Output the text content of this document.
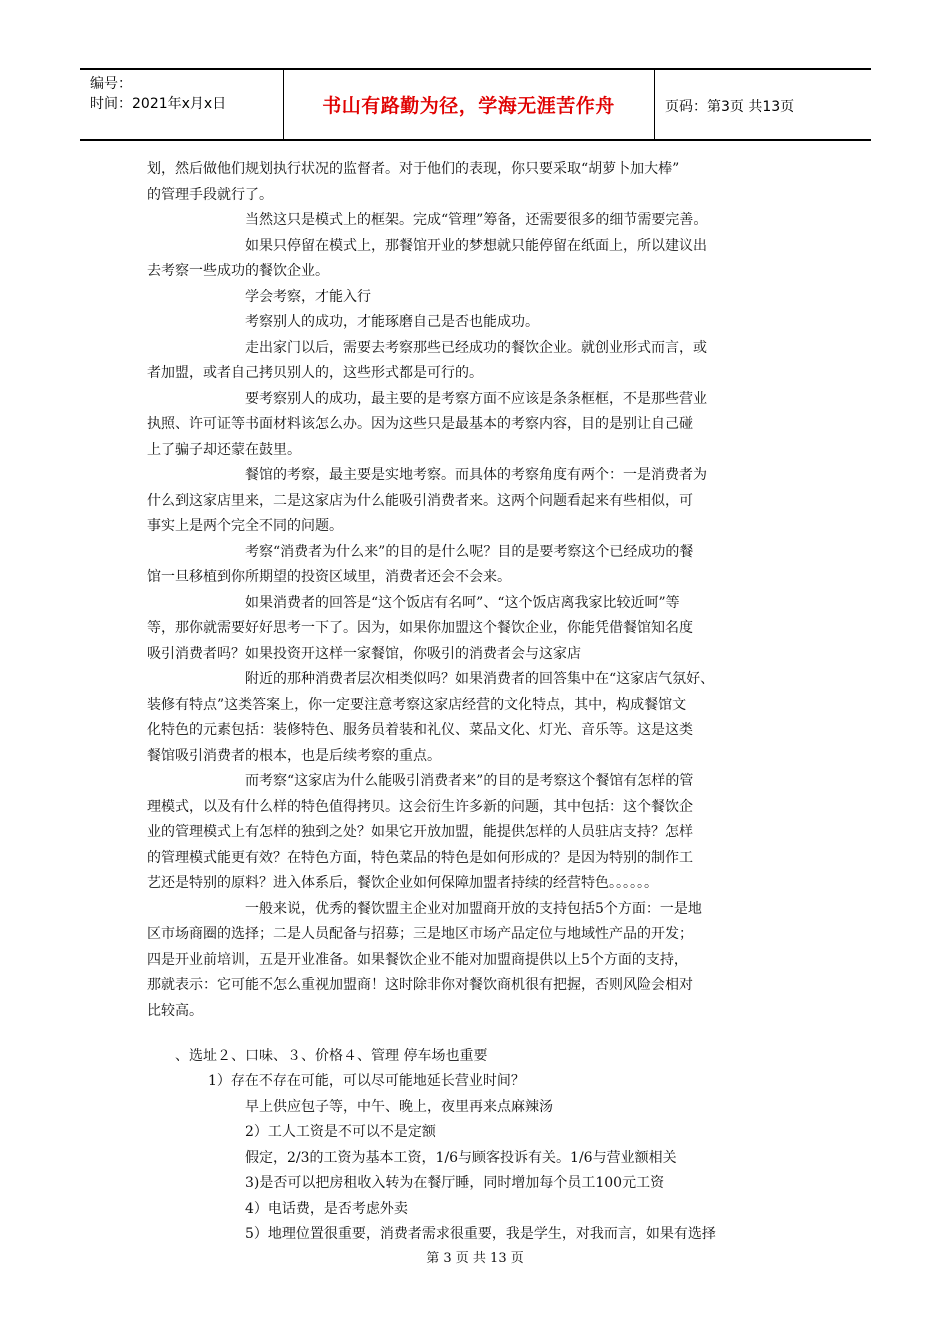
编号：
时间：2021年x月x日	书山有路勤为径，学海无涯苦作舟	页码：第3页 共13页
划，然后做他们规划执行状况的监督者。对于他们的表现，你只要采取“胡萝卜加大棒”
的管理手段就行了。
当然这只是模式上的框架。完成“管理”筹备，还需要很多的细节需要完善。
如果只停留在模式上，那餐馆开业的梦想就只能停留在纸面上，所以建议出
去考察一些成功的餐饮企业。
学会考察，才能入行
考察别人的成功，才能琢磨自己是否也能成功。
走出家门以后，需要去考察那些已经成功的餐饮企业。就创业形式而言，或
者加盟，或者自己拷贝别人的，这些形式都是可行的。
要考察别人的成功，最主要的是考察方面不应该是条条框框，不是那些营业
执照、许可证等书面材料该怎么办。因为这些只是最基本的考察内容，目的是别让自己碰
上了骗子却还蒙在鼓里。
餐馆的考察，最主要是实地考察。而具体的考察角度有两个：一是消费者为
什么到这家店里来，二是这家店为什么能吸引消费者来。这两个问题看起来有些相似，可
事实上是两个完全不同的问题。
考察“消费者为什么来”的目的是什么呢？目的是要考察这个已经成功的餐
馆一旦移植到你所期望的投资区域里，消费者还会不会来。
如果消费者的回答是“这个饭店有名呵”、“这个饭店离我家比较近呵”等
等，那你就需要好好思考一下了。因为，如果你加盟这个餐饮企业，你能凭借餐馆知名度
吸引消费者吗？如果投资开这样一家餐馆，你吸引的消费者会与这家店
附近的那种消费者层次相类似吗？如果消费者的回答集中在“这家店气氛好、
装修有特点”这类答案上，你一定要注意考察这家店经营的文化特点，其中，构成餐馆文
化特色的元素包括：装修特色、服务员着装和礼仪、菜品文化、灯光、音乐等。这是这类
餐馆吸引消费者的根本，也是后续考察的重点。
而考察“这家店为什么能吸引消费者来”的目的是考察这个餐馆有怎样的管
理模式，以及有什么样的特色值得拷贝。这会衍生许多新的问题，其中包括：这个餐饮企
业的管理模式上有怎样的独到之处？如果它开放加盟，能提供怎样的人员驻店支持？怎样
的管理模式能更有效？在特色方面，特色菜品的特色是如何形成的？是因为特别的制作工
艺还是特别的原料？进入体系后，餐饮企业如何保障加盟者持续的经营特色。。。。。。
一般来说，优秀的餐饮盟主企业对加盟商开放的支持包括5个方面：一是地
区市场商圈的选择；二是人员配备与招募；三是地区市场产品定位与地域性产品的开发；
四是开业前培训，五是开业准备。如果餐饮企业不能对加盟商提供以上5个方面的支持，
那就表示：它可能不怎么重视加盟商！这时除非你对餐饮商机很有把握，否则风险会相对
比较高。
、选址２、口味、３、价格４、管理 停车场也重要
1）存在不存在可能，可以尽可能地延长营业时间？
早上供应包子等，中午、晚上，夜里再来点麻辣汤
2）工人工资是不可以不是定额
假定，2/3的工资为基本工资，1/6与顾客投诉有关。1/6与营业额相关
3)是否可以把房租收入转为在餐厅睡，同时增加每个员工100元工资
4）电话费，是否考虑外卖
5）地理位置很重要，消费者需求很重要，我是学生，对我而言，如果有选择
第 3 页 共 13 页
